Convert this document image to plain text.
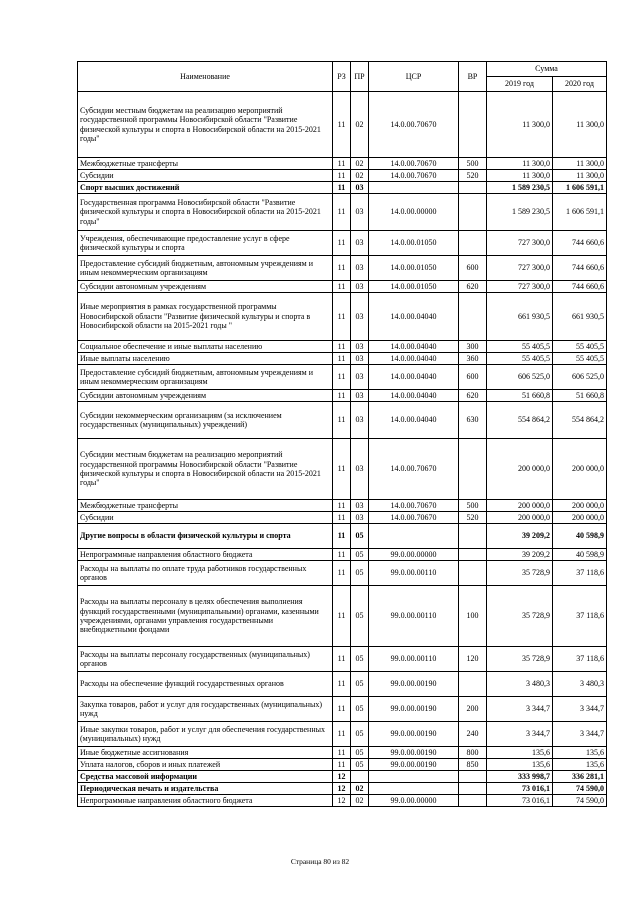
Наименование	РЗ	ПР	ЦСР	ВР	Сумма	
					2019 год	2020 год
Субсидии местным бюджетам на реализацию мероприятий государственной программы Новосибирской области "Развитие физической культуры и спорта в Новосибирской области на 2015-2021 годы"	11	02	14.0.00.70670		11 300,0	11 300,0
Межбюджетные трансферты	11	02	14.0.00.70670	500	11 300,0	11 300,0
Субсидии	11	02	14.0.00.70670	520	11 300,0	11 300,0
Спорт высших достижений	11	03			1 589 230,5	1 606 591,1
Государственная программа Новосибирской области "Развитие физической культуры и спорта в Новосибирской области на 2015-2021 годы"	11	03	14.0.00.00000		1 589 230,5	1 606 591,1
Учреждения, обеспечивающие предоставление услуг в сфере физической культуры и спорта	11	03	14.0.00.01050		727 300,0	744 660,6
Предоставление субсидий бюджетным, автономным учреждениям и иным некоммерческим организациям	11	03	14.0.00.01050	600	727 300,0	744 660,6
Субсидии автономным учреждениям	11	03	14.0.00.01050	620	727 300,0	744 660,6
Иные мероприятия в рамках государственной программы Новосибирской области "Развитие физической культуры и спорта в Новосибирской области на 2015-2021 годы "	11	03	14.0.00.04040		661 930,5	661 930,5
Социальное обеспечение и иные выплаты населению	11	03	14.0.00.04040	300	55 405,5	55 405,5
Иные выплаты населению	11	03	14.0.00.04040	360	55 405,5	55 405,5
Предоставление субсидий бюджетным, автономным учреждениям и иным некоммерческим организациям	11	03	14.0.00.04040	600	606 525,0	606 525,0
Субсидии автономным учреждениям	11	03	14.0.00.04040	620	51 660,8	51 660,8
Субсидии некоммерческим организациям (за исключением государственных (муниципальных) учреждений)	11	03	14.0.00.04040	630	554 864,2	554 864,2
Субсидии местным бюджетам на реализацию мероприятий государственной программы Новосибирской области "Развитие физической культуры и спорта в Новосибирской области на 2015-2021 годы"	11	03	14.0.00.70670		200 000,0	200 000,0
Межбюджетные трансферты	11	03	14.0.00.70670	500	200 000,0	200 000,0
Субсидии	11	03	14.0.00.70670	520	200 000,0	200 000,0
Другие вопросы в области физической культуры и спорта	11	05			39 209,2	40 598,9
Непрограммные направления областного бюджета	11	05	99.0.00.00000		39 209,2	40 598,9
Расходы на выплаты по оплате труда работников государственных органов	11	05	99.0.00.00110		35 728,9	37 118,6
Расходы на выплаты персоналу в целях обеспечения выполнения функций государственными (муниципальными) органами, казенными учреждениями, органами управления государственными внебюджетными фондами	11	05	99.0.00.00110	100	35 728,9	37 118,6
Расходы на выплаты персоналу государственных (муниципальных) органов	11	05	99.0.00.00110	120	35 728,9	37 118,6
Расходы на обеспечение функций государственных органов	11	05	99.0.00.00190		3 480,3	3 480,3
Закупка товаров, работ и услуг для государственных (муниципальных) нужд	11	05	99.0.00.00190	200	3 344,7	3 344,7
Иные закупки товаров, работ и услуг для обеспечения государственных (муниципальных) нужд	11	05	99.0.00.00190	240	3 344,7	3 344,7
Иные бюджетные ассигнования	11	05	99.0.00.00190	800	135,6	135,6
Уплата налогов, сборов и иных платежей	11	05	99.0.00.00190	850	135,6	135,6
Средства массовой информации	12				333 998,7	336 281,1
Периодическая печать и издательства	12	02			73 016,1	74 590,0
Непрограммные направления областного бюджета	12	02	99.0.00.00000		73 016,1	74 590,0
Страница 80 из 82
